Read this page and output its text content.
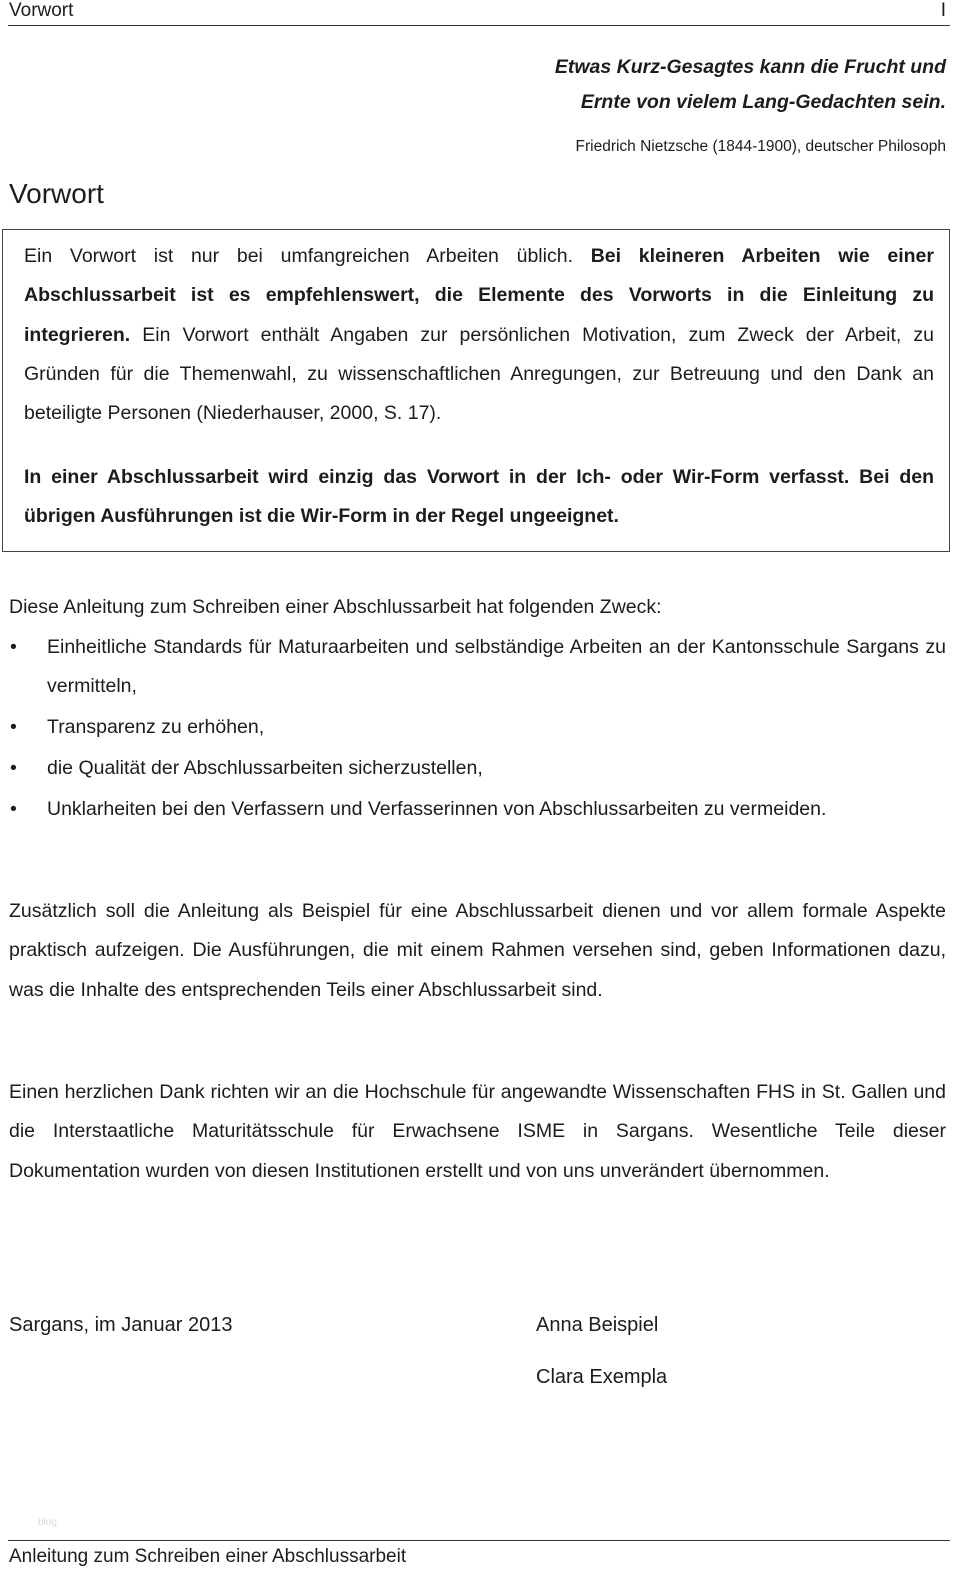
Vorwort	I
Etwas Kurz-Gesagtes kann die Frucht und
Ernte von vielem Lang-Gedachten sein.
Friedrich Nietzsche (1844-1900), deutscher Philosoph
Vorwort
Ein Vorwort ist nur bei umfangreichen Arbeiten üblich. Bei kleineren Arbeiten wie einer Abschlussarbeit ist es empfehlenswert, die Elemente des Vorworts in die Einleitung zu integrieren. Ein Vorwort enthält Angaben zur persönlichen Motivation, zum Zweck der Arbeit, zu Gründen für die Themenwahl, zu wissenschaftlichen Anregungen, zur Betreuung und den Dank an beteiligte Personen (Niederhauser, 2000, S. 17).
In einer Abschlussarbeit wird einzig das Vorwort in der Ich- oder Wir-Form verfasst. Bei den übrigen Ausführungen ist die Wir-Form in der Regel ungeeignet.
Diese Anleitung zum Schreiben einer Abschlussarbeit hat folgenden Zweck:
• Einheitliche Standards für Maturaarbeiten und selbständige Arbeiten an der Kantonsschule Sargans zu vermitteln,
• Transparenz zu erhöhen,
• die Qualität der Abschlussarbeiten sicherzustellen,
• Unklarheiten bei den Verfassern und Verfasserinnen von Abschlussarbeiten zu vermeiden.
Zusätzlich soll die Anleitung als Beispiel für eine Abschlussarbeit dienen und vor allem formale Aspekte praktisch aufzeigen. Die Ausführungen, die mit einem Rahmen versehen sind, geben Informationen dazu, was die Inhalte des entsprechenden Teils einer Abschlussarbeit sind.
Einen herzlichen Dank richten wir an die Hochschule für angewandte Wissenschaften FHS in St. Gallen und die Interstaatliche Maturitätsschule für Erwachsene ISME in Sargans. Wesentliche Teile dieser Dokumentation wurden von diesen Institutionen erstellt und von uns unverändert übernommen.
Sargans, im Januar 2013	Anna Beispiel
Clara Exempla
blog
Anleitung zum Schreiben einer Abschlussarbeit
